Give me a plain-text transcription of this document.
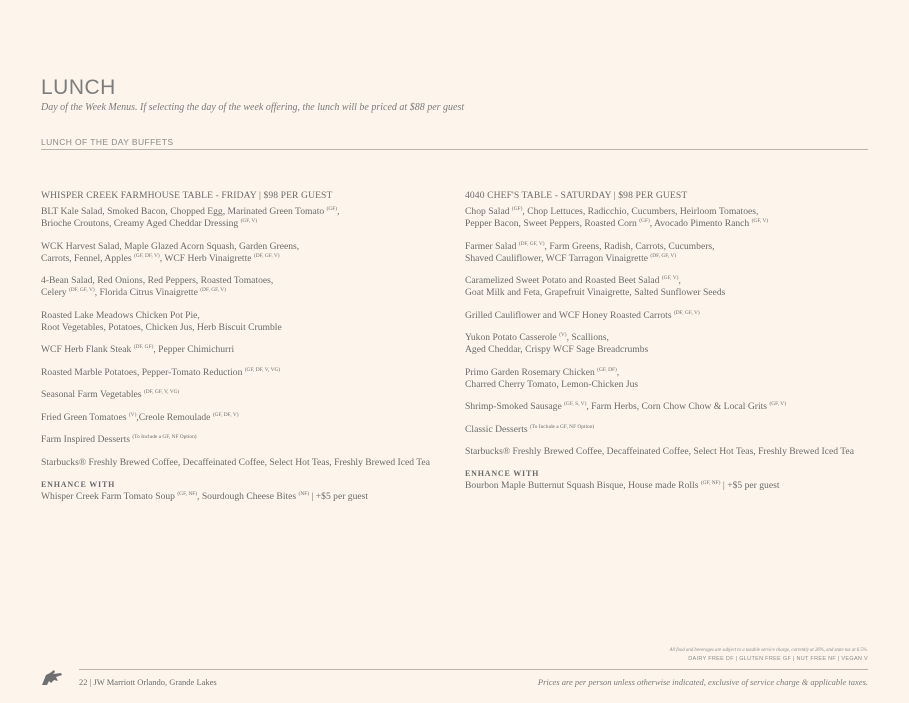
LUNCH
Day of the Week Menus. If selecting the day of the week offering, the lunch will be priced at $88 per guest
LUNCH OF THE DAY BUFFETS
WHISPER CREEK FARMHOUSE TABLE - FRIDAY | $98 PER GUEST
BLT Kale Salad, Smoked Bacon, Chopped Egg, Marinated Green Tomato $^{(GF)}$,
Brioche Croutons, Creamy Aged Cheddar Dressing $^{(GF, V)}$
WCK Harvest Salad, Maple Glazed Acorn Squash, Garden Greens,
Carrots, Fennel, Apples $^{(GF, DF, V)}$, WCF Herb Vinaigrette $^{(DF, GF, V)}$
4-Bean Salad, Red Onions, Red Peppers, Roasted Tomatoes,
Celery $^{(DF, GF, V)}$, Florida Citrus Vinaigrette $^{(DF, GF, V)}$
Roasted Lake Meadows Chicken Pot Pie,
Root Vegetables, Potatoes, Chicken Jus, Herb Biscuit Crumble
WCF Herb Flank Steak $^{(DF, GF)}$, Pepper Chimichurri
Roasted Marble Potatoes, Pepper-Tomato Reduction $^{(GF, DF, V, VG)}$
Seasonal Farm Vegetables $^{(DF, GF, V, VG)}$
Fried Green Tomatoes $^{(V)}$,Creole Remoulade $^{(GF, DF, V)}$
Farm Inspired Desserts $^{(To Include a GF, NF Option)}$
Starbucks® Freshly Brewed Coffee, Decaffeinated Coffee, Select Hot Teas, Freshly Brewed Iced Tea
ENHANCE WITH
Whisper Creek Farm Tomato Soup $^{(GF, NF)}$, Sourdough Cheese Bites $^{(NF)}$ | +$5 per guest
4040 CHEF'S TABLE - SATURDAY | $98 PER GUEST
Chop Salad $^{(GF)}$, Chop Lettuces, Radicchio, Cucumbers, Heirloom Tomatoes,
Pepper Bacon, Sweet Peppers, Roasted Corn $^{(GF)}$, Avocado Pimento Ranch $^{(GF, V)}$
Farmer Salad $^{(DF, GF, V)}$, Farm Greens, Radish, Carrots, Cucumbers,
Shaved Cauliflower, WCF Tarragon Vinaigrette $^{(DF, GF, V)}$
Caramelized Sweet Potato and Roasted Beet Salad $^{(GF, V)}$,
Goat Milk and Feta, Grapefruit Vinaigrette, Salted Sunflower Seeds
Grilled Cauliflower and WCF Honey Roasted Carrots $^{(DF, GF, V)}$
Yukon Potato Casserole $^{(V)}$, Scallions,
Aged Cheddar, Crispy WCF Sage Breadcrumbs
Primo Garden Rosemary Chicken $^{(GF, DF)}$,
Charred Cherry Tomato, Lemon-Chicken Jus
Shrimp-Smoked Sausage $^{(GF, S, V)}$, Farm Herbs, Corn Chow Chow & Local Grits $^{(GF, V)}$
Classic Desserts $^{(To Include a GF, NF Option)}$
Starbucks® Freshly Brewed Coffee, Decaffeinated Coffee, Select Hot Teas, Freshly Brewed Iced Tea
ENHANCE WITH
Bourbon Maple Butternut Squash Bisque, House made Rolls $^{(GF, NF)}$ | +$5 per guest
All food and beverages are subject to a taxable service charge, currently at 26%, and state tax at 6.5%.
DAIRY FREE DF | GLUTEN FREE GF | NUT FREE NF | VEGAN V
22 | JW Marriott Orlando, Grande Lakes	Prices are per person unless otherwise indicated, exclusive of service charge & applicable taxes.
